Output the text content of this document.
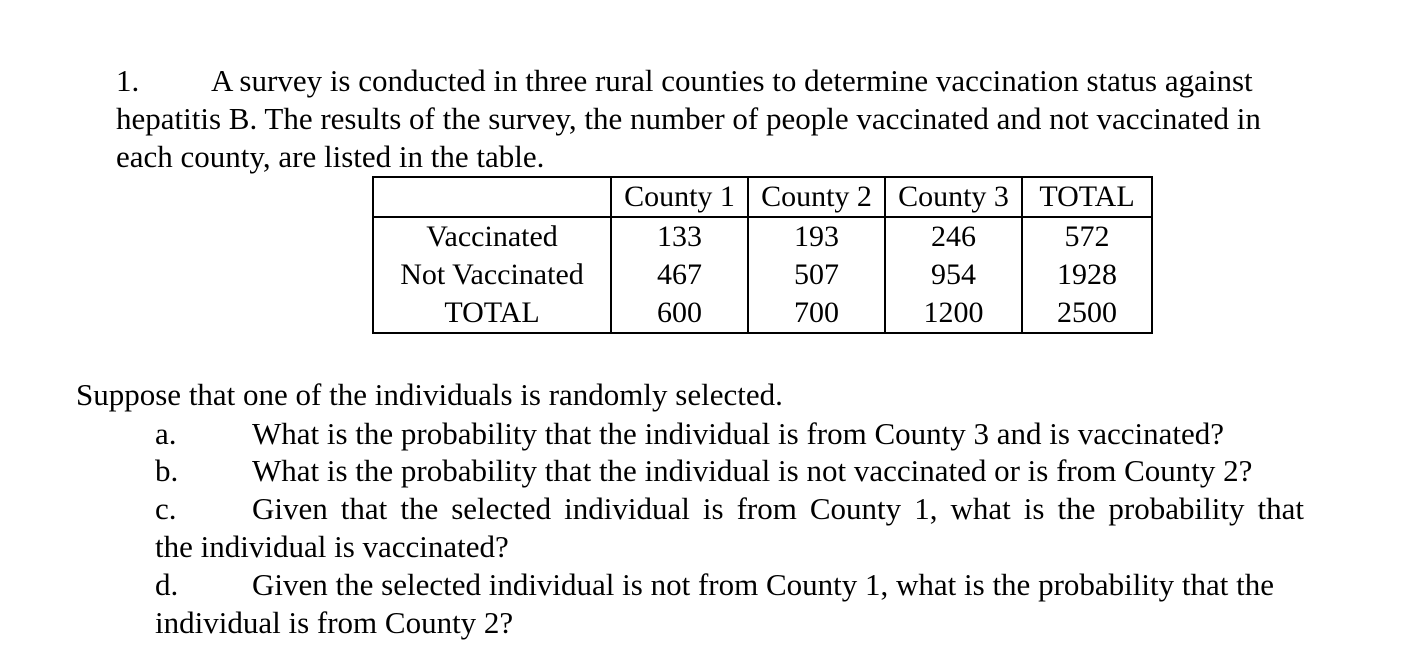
1. A survey is conducted in three rural counties to determine vaccination status against
hepatitis B. The results of the survey, the number of people vaccinated and not vaccinated in
each county, are listed in the table.
	County 1	County 2	County 3	TOTAL
Vaccinated	133	193	246	572
Not Vaccinated	467	507	954	1928
TOTAL	600	700	1200	2500
Suppose that one of the individuals is randomly selected.
a. What is the probability that the individual is from County 3 and is vaccinated?
b. What is the probability that the individual is not vaccinated or is from County 2?
c. Given that the selected individual is from County 1, what is the probability that
the individual is vaccinated?
d. Given the selected individual is not from County 1, what is the probability that the
individual is from County 2?
